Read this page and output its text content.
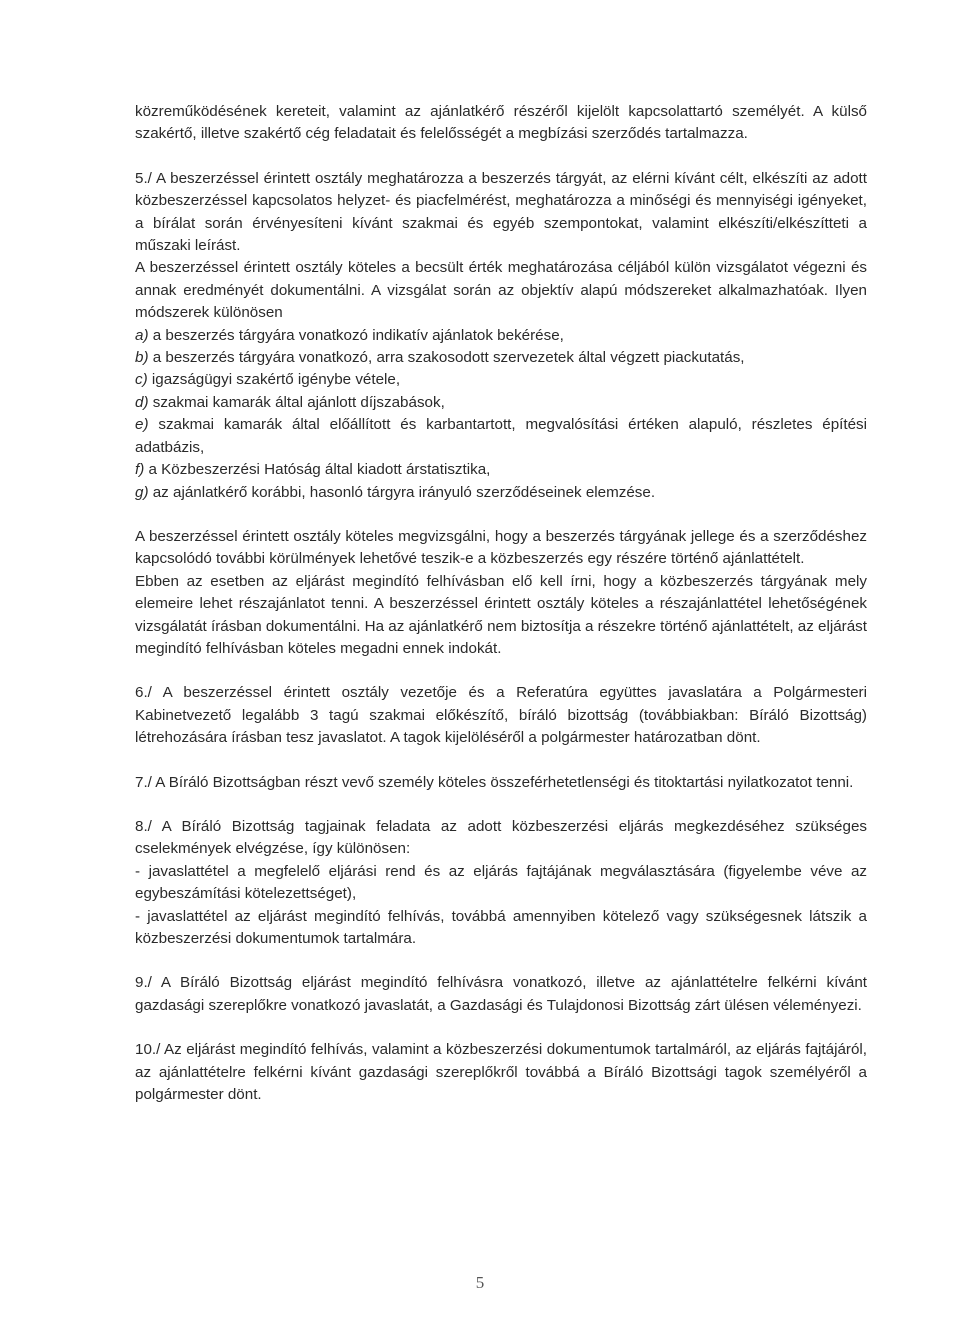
közreműködésének kereteit, valamint az ajánlatkérő részéről kijelölt kapcsolattartó személyét. A külső szakértő, illetve szakértő cég feladatait és felelősségét a megbízási szerződés tartalmazza.

5./ A beszerzéssel érintett osztály meghatározza a beszerzés tárgyát, az elérni kívánt célt, elkészíti az adott közbeszerzéssel kapcsolatos helyzet- és piacfelmérést, meghatározza a minőségi és mennyiségi igényeket, a bírálat során érvényesíteni kívánt szakmai és egyéb szempontokat, valamint elkészíti/elkészítteti a műszaki leírást.

A beszerzéssel érintett osztály köteles a becsült érték meghatározása céljából külön vizsgálatot végezni és annak eredményét dokumentálni. A vizsgálat során az objektív alapú módszereket alkalmazhatóak. Ilyen módszerek különösen

a) a beszerzés tárgyára vonatkozó indikatív ajánlatok bekérése,

b) a beszerzés tárgyára vonatkozó, arra szakosodott szervezetek által végzett piackutatás,

c) igazságügyi szakértő igénybe vétele,

d) szakmai kamarák által ajánlott díjszabások,

e) szakmai kamarák által előállított és karbantartott, megvalósítási értéken alapuló, részletes építési adatbázis,

f) a Közbeszerzési Hatóság által kiadott árstatisztika,

g) az ajánlatkérő korábbi, hasonló tárgyra irányuló szerződéseinek elemzése.

A beszerzéssel érintett osztály köteles megvizsgálni, hogy a beszerzés tárgyának jellege és a szerződéshez kapcsolódó további körülmények lehetővé teszik-e a közbeszerzés egy részére történő ajánlattételt.

Ebben az esetben az eljárást megindító felhívásban elő kell írni, hogy a közbeszerzés tárgyának mely elemeire lehet részajánlatot tenni. A beszerzéssel érintett osztály köteles a részajánlattétel lehetőségének vizsgálatát írásban dokumentálni. Ha az ajánlatkérő nem biztosítja a részekre történő ajánlattételt, az eljárást megindító felhívásban köteles megadni ennek indokát.

6./ A beszerzéssel érintett osztály vezetője és a Referatúra együttes javaslatára a Polgármesteri Kabinetvezető legalább 3 tagú szakmai előkészítő, bíráló bizottság (továbbiakban: Bíráló Bizottság) létrehozására írásban tesz javaslatot. A tagok kijelöléséről a polgármester határozatban dönt.

7./ A Bíráló Bizottságban részt vevő személy köteles összeférhetetlenségi és titoktartási nyilatkozatot tenni.

8./ A Bíráló Bizottság tagjainak feladata az adott közbeszerzési eljárás megkezdéséhez szükséges cselekmények elvégzése, így különösen:

- javaslattétel a megfelelő eljárási rend és az eljárás fajtájának megválasztására (figyelembe véve az egybeszámítási kötelezettséget),

- javaslattétel az eljárást megindító felhívás, továbbá amennyiben kötelező vagy szükségesnek látszik a közbeszerzési dokumentumok tartalmára.

9./ A Bíráló Bizottság eljárást megindító felhívásra vonatkozó, illetve az ajánlattételre felkérni kívánt gazdasági szereplőkre vonatkozó javaslatát, a Gazdasági és Tulajdonosi Bizottság zárt ülésen véleményezi.

10./ Az eljárást megindító felhívás, valamint a közbeszerzési dokumentumok tartalmáról, az eljárás fajtájáról, az ajánlattételre felkérni kívánt gazdasági szereplőkről továbbá a Bíráló Bizottsági tagok személyéről a polgármester dönt.

5
